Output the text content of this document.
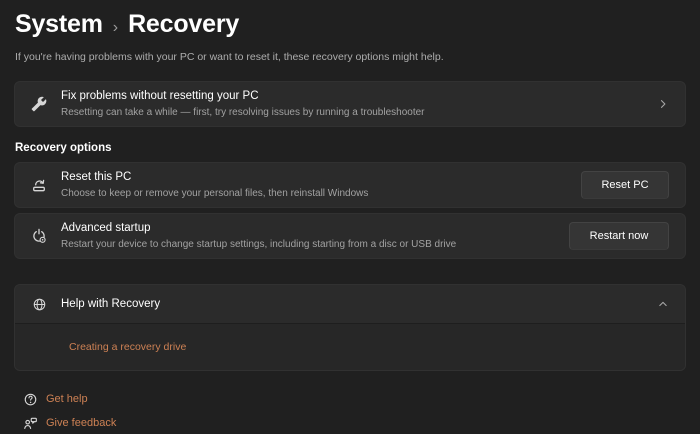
System › Recovery
If you're having problems with your PC or want to reset it, these recovery options might help.
Fix problems without resetting your PC
Resetting can take a while — first, try resolving issues by running a troubleshooter
Recovery options
Reset this PC
Choose to keep or remove your personal files, then reinstall Windows
Reset PC
Advanced startup
Restart your device to change startup settings, including starting from a disc or USB drive
Restart now
Help with Recovery
Creating a recovery drive
Get help
Give feedback
